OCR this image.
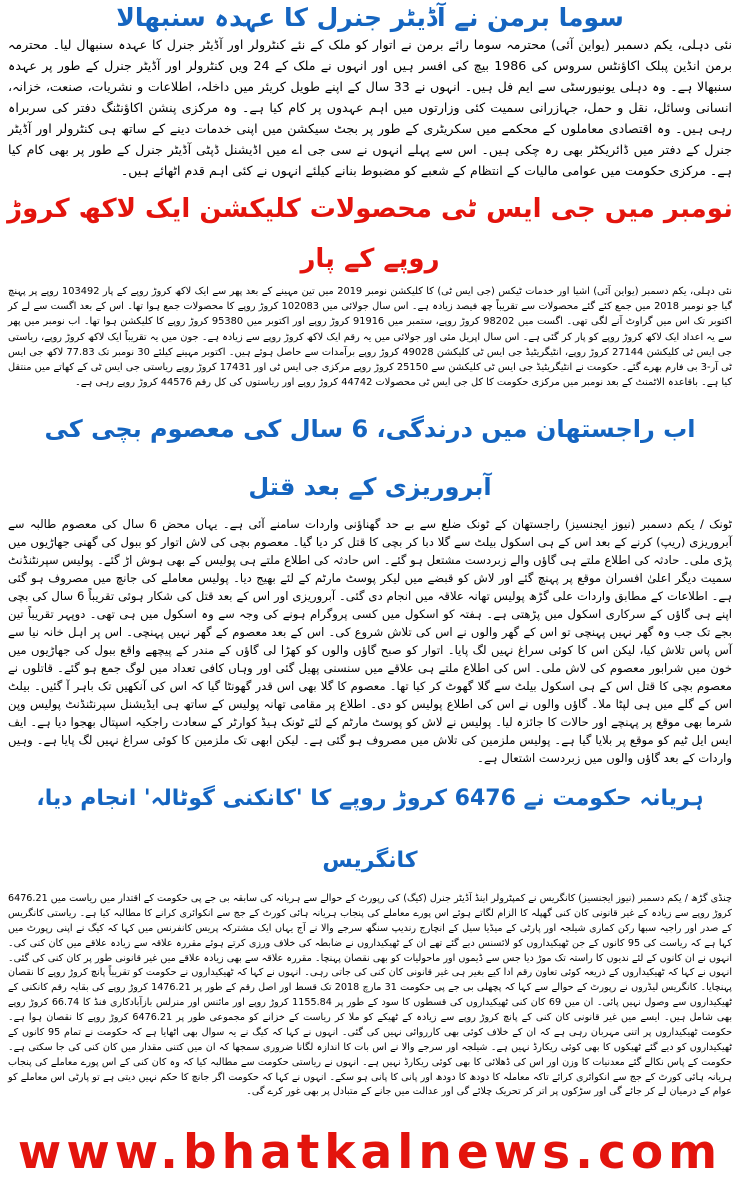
سوما برمن نے آڈیٹر جنرل کا عہدہ سنبھالا

نئی دہلی، یکم دسمبر (یواین آئی) محترمہ سوما رائے برمن نے اتوار کو ملک کے نئے کنٹرولر اور آڈیٹر جنرل کا عہدہ سنبھال لیا۔ محترمہ برمن انڈین پبلک اکاؤنٹس سروس کی 1986 بیچ کی افسر ہیں اور انہوں نے ملک کے 24 ویں کنٹرولر اور آڈیٹر جنرل کے طور پر عہدہ سنبھالا ہے۔ وہ دہلی یونیورسٹی سے ایم فل ہیں۔ انہوں نے 33 سال کے اپنے طویل کریئر میں داخلہ، اطلاعات و نشریات، صنعت، خزانہ، انسانی وسائل، نقل و حمل، جہازرانی سمیت کئی وزارتوں میں اہم عہدوں پر کام کیا ہے۔ وہ مرکزی پنشن اکاؤنٹنگ دفتر کی سربراہ رہی ہیں۔ وہ اقتصادی معاملوں کے محکمے میں سکریٹری کے طور پر بجٹ سیکشن میں اپنی خدمات دینے کے ساتھ ہی کنٹرولر اور آڈیٹر جنرل کے دفتر میں ڈائریکٹر بھی رہ چکی ہیں۔ اس سے پہلے انہوں نے سی جی اے میں اڈیشنل ڈپٹی آڈیٹر جنرل کے طور پر بھی کام کیا ہے۔ مرکزی حکومت میں عوامی مالیات کے انتظام کے شعبے کو مضبوط بنانے کیلئے انہوں نے کئی اہم قدم اٹھائے ہیں۔

نومبر میں جی ایس ٹی محصولات کلیکشن ایک لاکھ کروڑ روپے کے پار

نئی دہلی، یکم دسمبر (یواین آئی) اشیا اور خدمات ٹیکس (جی ایس ٹی) کا کلیکشن نومبر 2019 میں تین مہینے کے بعد پھر سے ایک لاکھ کروڑ روپے کے پار 103492 روپے پر پہنچ گیا جو نومبر 2018 میں جمع کئے گئے محصولات سے تقریباً چھ فیصد زیادہ ہے۔ اس سال جولائی میں 102083 کروڑ روپے کا محصولات جمع ہوا تھا۔ اس کے بعد اگست سے لے کر اکتوبر تک اس میں گراوٹ آنے لگی تھی۔ اگست میں 98202 کروڑ روپے، ستمبر میں 91916 کروڑ روپے اور اکتوبر میں 95380 کروڑ روپے کا کلیکشن ہوا تھا۔ اب نومبر میں پھر سے یہ اعداد ایک لاکھ کروڑ روپے کو پار کر گئی ہے۔ اس سال اپریل مئی اور جولائی میں یہ رقم ایک لاکھ کروڑ روپے سے زیادہ ہے۔ جون میں یہ تقریباً ایک لاکھ کروڑ روپے، ریاستی جی ایس ٹی کلیکشن 27144 کروڑ روپے، انٹیگریٹیڈ جی ایس ٹی کلیکشن 49028 کروڑ روپے برآمدات سے حاصل ہوئے ہیں۔ اکتوبر مہینے کیلئے 30 نومبر تک 77.83 لاکھ جی ایس ٹی آر-3 بی فارم بھرے گئے۔ حکومت نے انٹیگریٹیڈ جی ایس ٹی کلیکشن سے 25150 کروڑ روپے مرکزی جی ایس ٹی اور 17431 کروڑ روپے ریاستی جی ایس ٹی کے کھاتے میں منتقل کیا ہے۔ باقاعدہ الاٹمنٹ کے بعد نومبر میں مرکزی حکومت کا کل جی ایس ٹی محصولات 44742 کروڑ روپے اور ریاستوں کی کل رقم 44576 کروڑ روپے رہی ہے۔

اب راجستھان میں درندگی، 6 سال کی معصوم بچی کی آبروریزی کے بعد قتل

ٹونک / یکم دسمبر (نیوز ایجنسیز) راجستھان کے ٹونک ضلع سے بے حد گھناؤنی واردات سامنے آئی ہے۔ یہاں محض 6 سال کی معصوم طالبہ سے آبروریزی (ریپ) کرنے کے بعد اس کے ہی اسکول بیلٹ سے گلا دبا کر بچی کا قتل کر دیا گیا۔ معصوم بچی کی لاش اتوار کو ببول کی گھنی جھاڑیوں میں پڑی ملی۔ حادثہ کی اطلاع ملتے ہی گاؤں والے زبردست مشتعل ہو گئے۔ اس حادثہ کی اطلاع ملتے ہی پولیس کے بھی ہوش اڑ گئے۔ پولیس سپرنٹنڈنٹ سمیت دیگر اعلیٰ افسران موقع پر پہنچ گئے اور لاش کو قبضے میں لیکر پوسٹ مارٹم کے لئے بھیج دیا۔ پولیس معاملے کی جانچ میں مصروف ہو گئی ہے۔ اطلاعات کے مطابق واردات علی گڑھ پولیس تھانہ علاقہ میں انجام دی گئی۔ آبروریزی اور اس کے بعد قتل کی شکار ہوئی تقریباً 6 سال کی بچی اپنے ہی گاؤں کے سرکاری اسکول میں پڑھتی ہے۔ ہفتہ کو اسکول میں کسی پروگرام ہونے کی وجہ سے وہ اسکول میں ہی تھی۔ دوپہر تقریباً تین بجے تک جب وہ گھر نہیں پہنچی تو اس کے گھر والوں نے اس کی تلاش شروع کی۔ اس کے بعد معصوم کے گھر نہیں پہنچی۔ اس پر اہل خانہ نیا سے آس پاس تلاش کیا، لیکن اس کا کوئی سراغ نہیں لگ پایا۔ اتوار کو صبح گاؤں والوں کو کھڑا لی گاؤں کے مندر کے پیچھے واقع ببول کی جھاڑیوں میں خون میں شرابور معصوم کی لاش ملی۔ اس کی اطلاع ملتے ہی علاقے میں سنسنی پھیل گئی اور وہاں کافی تعداد میں لوگ جمع ہو گئے۔ قاتلوں نے معصوم بچی کا قتل اس کے ہی اسکول بیلٹ سے گلا گھوٹ کر کیا تھا۔ معصوم کا گلا بھی اس قدر گھونٹا گیا کہ اس کی آنکھیں تک باہر آ گئیں۔ بیلٹ اس کے گلے میں ہی لپٹا ملا۔ گاؤں والوں نے اس کی اطلاع پولیس کو دی۔ اطلاع پر مقامی تھانہ پولیس کے ساتھ ہی ایڈیشنل سپرنٹنڈنٹ پولیس وپن شرما بھی موقع پر پہنچے اور حالات کا جائزہ لیا۔ پولیس نے لاش کو پوسٹ مارٹم کے لئے ٹونک ہیڈ کوارٹر کے سعادت راجکیہ اسپتال بھجوا دیا ہے۔ ایف ایس ایل ٹیم کو موقع پر بلایا گیا ہے۔ پولیس ملزمین کی تلاش میں مصروف ہو گئی ہے۔ لیکن ابھی تک ملزمین کا کوئی سراغ نہیں لگ پایا ہے۔ وہیں واردات کے بعد گاؤں والوں میں زبردست اشتعال ہے۔

ہریانہ حکومت نے 6476 کروڑ روپے کا 'کانکنی گوٹالہ' انجام دیا، کانگریس

چنڈی گڑھ / یکم دسمبر (نیوز ایجنسیز) کانگریس نے کمپٹرولر اینڈ آڈیٹر جنرل (کیگ) کی رپورٹ کے حوالے سے ہریانہ کی سابقہ بی جے پی حکومت کے اقتدار میں ریاست میں 6476.21 کروڑ روپے سے زیادہ کے غیر قانونی کان کنی گھپلہ کا الزام لگاتے ہوئے اس پورے معاملے کی پنجاب ہریانہ ہائی کورٹ کے جج سے انکوائری کرانے کا مطالبہ کیا ہے۔ ریاستی کانگریس کے صدر اور راجیہ سبھا رکن کماری شیلجہ اور پارٹی کے میڈیا سیل کے انچارج رندیپ سنگھ سرجے والا نے آج یہاں ایک مشترکہ پریس کانفرنس میں کہا کہ کیگ نے اپنی رپورٹ میں کہا ہے کہ ریاست کی 95 کانوں کے جن ٹھیکیداروں کو لائسنس دیے گئے تھے ان کے ٹھیکیداروں نے ضابطہ کی خلاف ورزی کرتے ہوئے مقررہ علاقہ سے زیادہ علاقے میں کان کنی کی۔ انہوں نے ان کانوں کے لئے ندیوں کا راستہ تک موڑ دیا جس سے ڈیموں اور ماحولیات کو بھی نقصان پہنچا۔ مقررہ علاقہ سے بھی زیادہ علاقے میں غیر قانونی طور پر کان کنی کی گئی۔ انہوں نے کہا کہ ٹھیکیداروں کے ذریعہ کوئی تعاون رقم ادا کیے بغیر ہی غیر قانونی کان کنی کی جاتی رہی۔ انہوں نے کہا کہ ٹھیکیداروں نے حکومت کو تقریباً پانچ کروڑ روپے کا نقصان پہنچایا۔ کانگریس لیڈروں نے رپورٹ کے حوالے سے کہا کہ پچھلی بی جے پی حکومت 31 مارچ 2018 تک قسط اور اصل رقم کے طور پر 1476.21 کروڑ روپے کی بقایہ رقم کانکنی کے ٹھیکیداروں سے وصول نہیں پائی۔ ان میں 69 کان کنی ٹھیکیداروں کی قسطوں کا سود کے طور پر 1155.84 کروڑ روپے اور مائنس اور منرلس بازآبادکاری فنڈ کا 66.74 کروڑ روپے بھی شامل ہیں۔ ایسے میں غیر قانونی کان کنی کے پانچ کروڑ روپے سے زیادہ کے ٹھیکے کو ملا کر ریاست کے خزانے کو مجموعی طور پر 6476.21 کروڑ روپے کا نقصان ہوا ہے۔ حکومت ٹھیکیداروں پر اتنی مہربان رہی ہے کہ ان کے خلاف کوئی بھی کارروائی نہیں کی گئی۔ انہوں نے کہا کہ کیگ نے یہ سوال بھی اٹھایا ہے کہ حکومت نے تمام 95 کانوں کے ٹھیکیداروں کو دیے گئے ٹھیکوں کا بھی کوئی ریکارڈ نہیں ہے۔ شیلجہ اور سرجے والا نے اس بات کا اندازہ لگانا ضروری سمجھا کہ ان میں کتنی مقدار میں کان کنی کی جا سکتی ہے۔ حکومت کے پاس نکالے گئے معدنیات کا وزن اور اس کی ڈھلائی کا بھی کوئی ریکارڈ نہیں ہے۔ انہوں نے ریاستی حکومت سے مطالبہ کیا کہ وہ کان کنی کے اس پورے معاملے کی پنجاب ہریانہ ہائی کورٹ کے جج سے انکوائری کرائے تاکہ معاملہ کا دودھ کا دودھ اور پانی کا پانی ہو سکے۔ انہوں نے کہا کہ حکومت اگر جانچ کا حکم نہیں دیتی ہے تو پارٹی اس معاملے کو عوام کے درمیان لے کر جائے گی اور سڑکوں پر اتر کر تحریک چلائے گی اور عدالت میں جانے کے متبادل پر بھی غور کرے گی۔

www.bhatkalnews.com
